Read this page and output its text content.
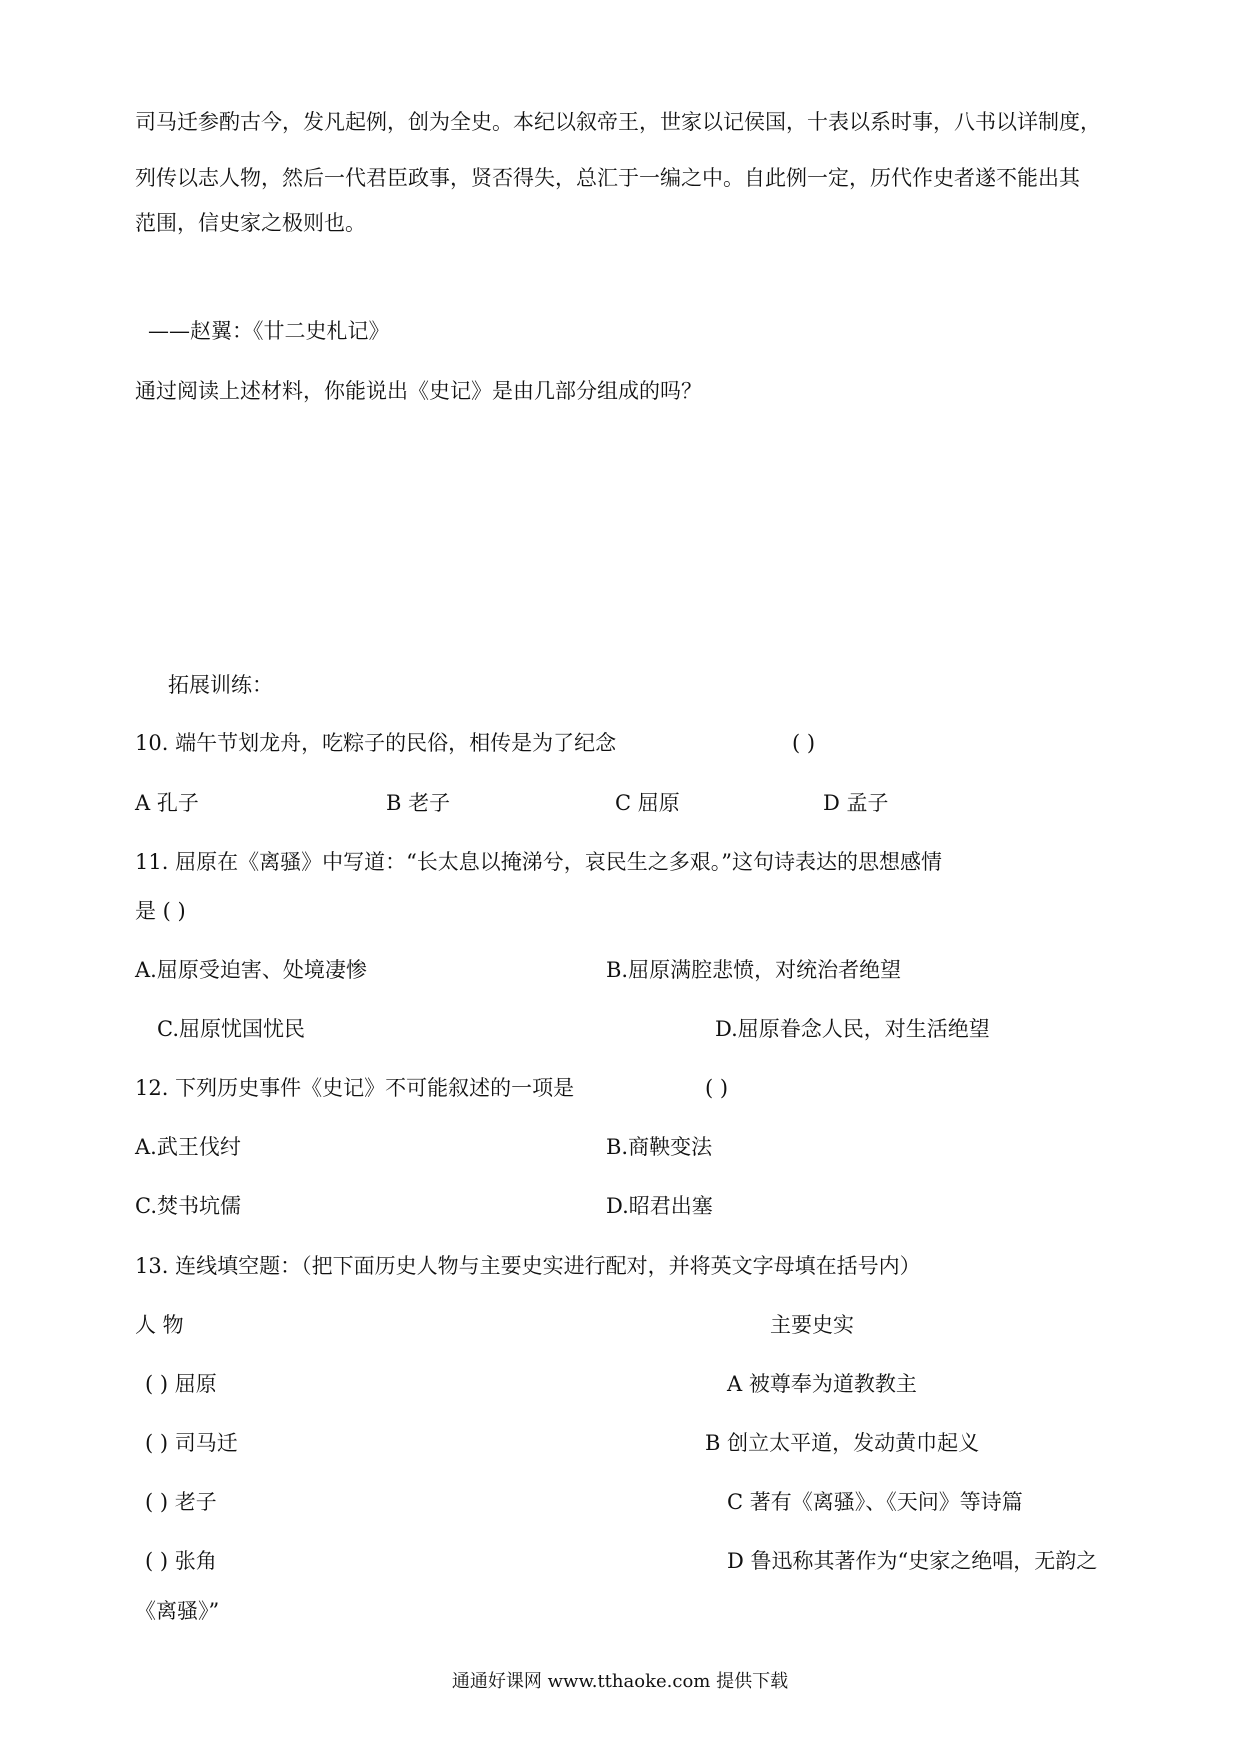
司马迁参酌古今，发凡起例，创为全史。本纪以叙帝王，世家以记侯国，十表以系时事，八书以详制度，
列传以志人物，然后一代君臣政事，贤否得失，总汇于一编之中。自此例一定，历代作史者遂不能出其
范围，信史家之极则也。
——赵翼：《廿二史札记》
通过阅读上述材料，你能说出《史记》是由几部分组成的吗？
拓展训练：
10. 端午节划龙舟，吃粽子的民俗，相传是为了纪念	( )
A 孔子	B 老子	C 屈原	D 孟子
11. 屈原在《离骚》中写道：“长太息以掩涕兮，哀民生之多艰。”这句诗表达的思想感情
是 ( )
A.屈原受迫害、处境凄惨	B.屈原满腔悲愤，对统治者绝望
C.屈原忧国忧民	D.屈原眷念人民，对生活绝望
12. 下列历史事件《史记》不可能叙述的一项是	( )
A.武王伐纣	B.商鞅变法
C.焚书坑儒	D.昭君出塞
13. 连线填空题：（把下面历史人物与主要史实进行配对，并将英文字母填在括号内）
人 物	主要史实
( ) 屈原	A 被尊奉为道教教主
( ) 司马迁	B 创立太平道，发动黄巾起义
( ) 老子	C 著有《离骚》、《天问》等诗篇
( ) 张角	D 鲁迅称其著作为“史家之绝唱，无韵之
《离骚》”
通通好课网 www.tthaoke.com 提供下载
